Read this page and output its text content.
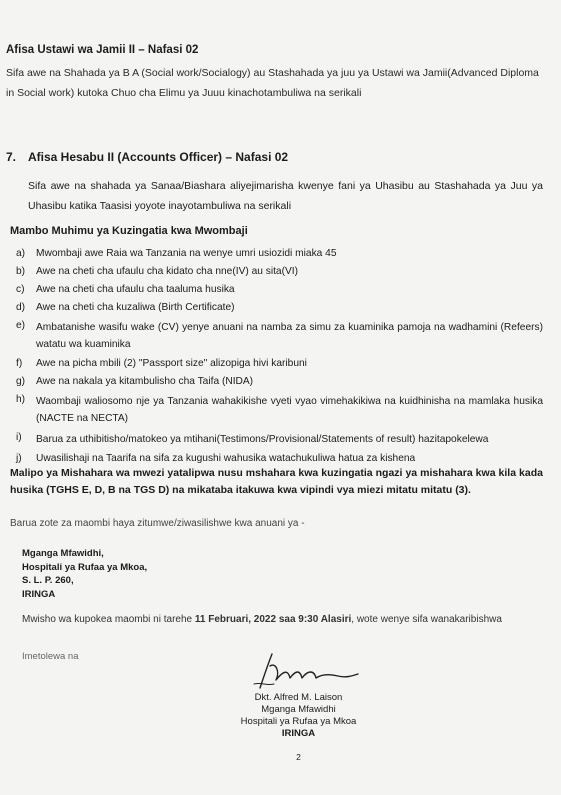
Afisa Ustawi wa Jamii II – Nafasi 02
Sifa awe na Shahada ya B A (Social work/Socialogy) au Stashahada ya juu ya Ustawi wa Jamii(Advanced Diploma in Social work) kutoka Chuo cha Elimu ya Juuu kinachotambuliwa na serikali
7. Afisa Hesabu II (Accounts Officer) – Nafasi 02
Sifa awe na shahada ya Sanaa/Biashara aliyejimarisha kwenye fani ya Uhasibu au Stashahada ya Juu ya Uhasibu katika Taasisi yoyote inayotambuliwa na serikali
Mambo Muhimu ya Kuzingatia kwa Mwombaji
a)	Mwombaji awe Raia wa Tanzania na wenye umri usiozidi miaka 45
b)	Awe na cheti cha ufaulu cha kidato cha nne(IV) au sita(VI)
c)	Awe na cheti cha ufaulu cha taaluma husika
d)	Awe na cheti cha kuzaliwa (Birth Certificate)
e)	Ambatanishe wasifu wake (CV) yenye anuani na namba za simu za kuaminika pamoja na wadhamini (Refeers) watatu wa kuaminika
f)	Awe na picha mbili (2) "Passport size" alizopiga hivi karibuni
g)	Awe na nakala ya kitambulisho cha Taifa (NIDA)
h)	Waombaji waliosomo nje ya Tanzania wahakikishe vyeti vyao vimehakikiwa na kuidhinisha na mamlaka husika (NACTE na NECTA)
i)	Barua za uthibitisho/matokeo ya mtihani(Testimons/Provisional/Statements of result) hazitapokelewa
j)	Uwasilishaji na Taarifa na sifa za kugushi wahusika watachukuliwa hatua za kishena
Malipo ya Mishahara wa mwezi yatalipwa nusu mshahara kwa kuzingatia ngazi ya mishahara kwa kila kada husika (TGHS E, D, B na TGS D) na mikataba itakuwa kwa vipindi vya miezi mitatu mitatu (3).
Barua zote za maombi haya zitumwe/ziwasilishwe kwa anuani ya -
Mganga Mfawidhi,
Hospitali ya Rufaa ya Mkoa,
S. L. P. 260,
IRINGA
Mwisho wa kupokea maombi ni tarehe 11 Februari, 2022 saa 9:30 Alasiri, wote wenye sifa wanakaribishwa
Imetolewa na
Dkt. Alfred M. Laison
Mganga Mfawidhi
Hospitali ya Rufaa ya Mkoa
IRINGA
2
